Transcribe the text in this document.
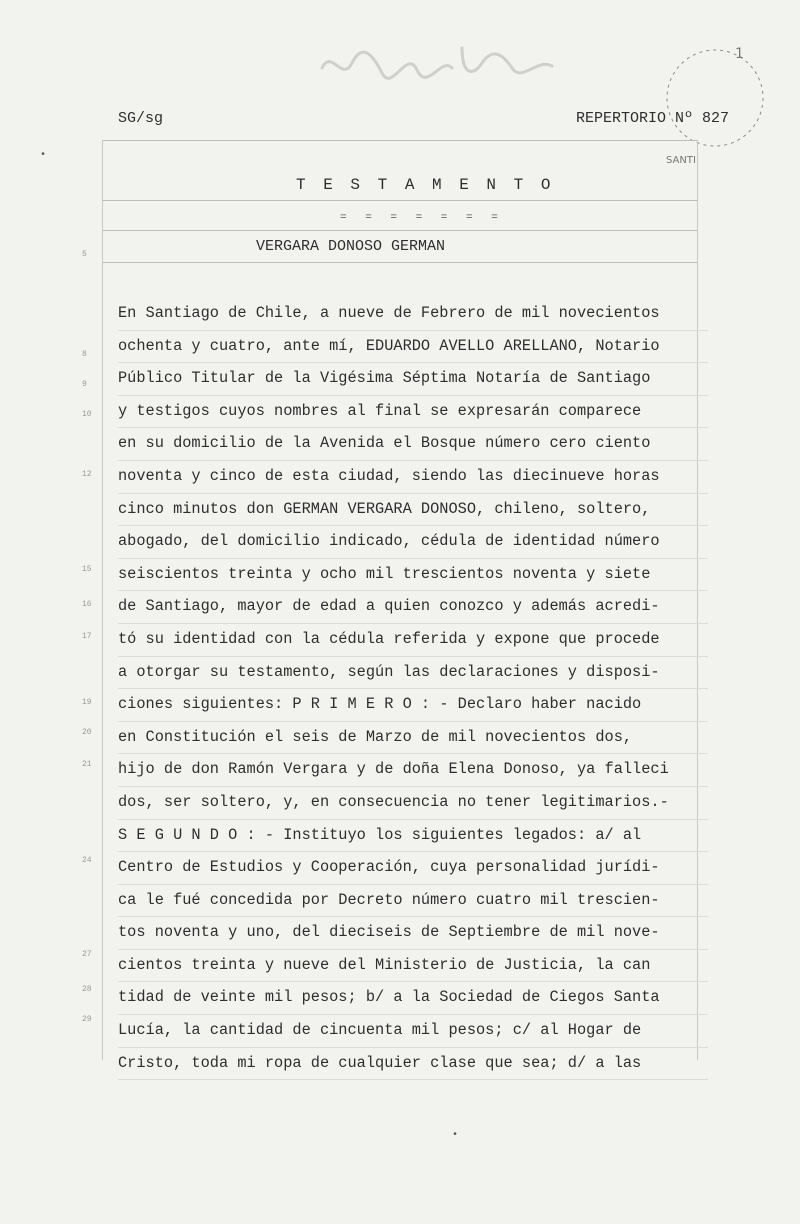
SANTI
1
SG/sg	REPERTORIO Nº 827
T E S T A M E N T O
= = = = = = =
VERGARA DONOSO GERMAN
5
8
9
10
12
15
16
17
19
20
21
24
27
28
29
En Santiago de Chile, a nueve de Febrero de mil novecientos
ochenta y cuatro, ante mí, EDUARDO AVELLO ARELLANO, Notario
Público Titular de la Vigésima Séptima Notaría de Santiago
y testigos cuyos nombres al final se expresarán comparece
en su domicilio de la Avenida el Bosque número cero ciento
noventa y cinco de esta ciudad, siendo las diecinueve horas
cinco minutos don GERMAN VERGARA DONOSO, chileno, soltero,
abogado, del domicilio indicado, cédula de identidad número
seiscientos treinta y ocho mil trescientos noventa y siete
de Santiago, mayor de edad a quien conozco y además acredi-
tó su identidad con la cédula referida y expone que procede
a otorgar su testamento, según las declaraciones y disposi-
ciones siguientes: P R I M E R O : - Declaro haber nacido
en Constitución el seis de Marzo de mil novecientos dos,
hijo de don Ramón Vergara y de doña Elena Donoso, ya falleci
dos, ser soltero, y, en consecuencia no tener legitimarios.-
S E G U N D O : - Instituyo los siguientes legados: a/ al
Centro de Estudios y Cooperación, cuya personalidad jurídi-
ca le fué concedida por Decreto número cuatro mil trescien-
tos noventa y uno, del dieciseis de Septiembre de mil nove-
cientos treinta y nueve del Ministerio de Justicia, la can
tidad de veinte mil pesos; b/ a la Sociedad de Ciegos Santa
Lucía, la cantidad de cincuenta mil pesos; c/ al Hogar de
Cristo, toda mi ropa de cualquier clase que sea; d/ a las
•
•
